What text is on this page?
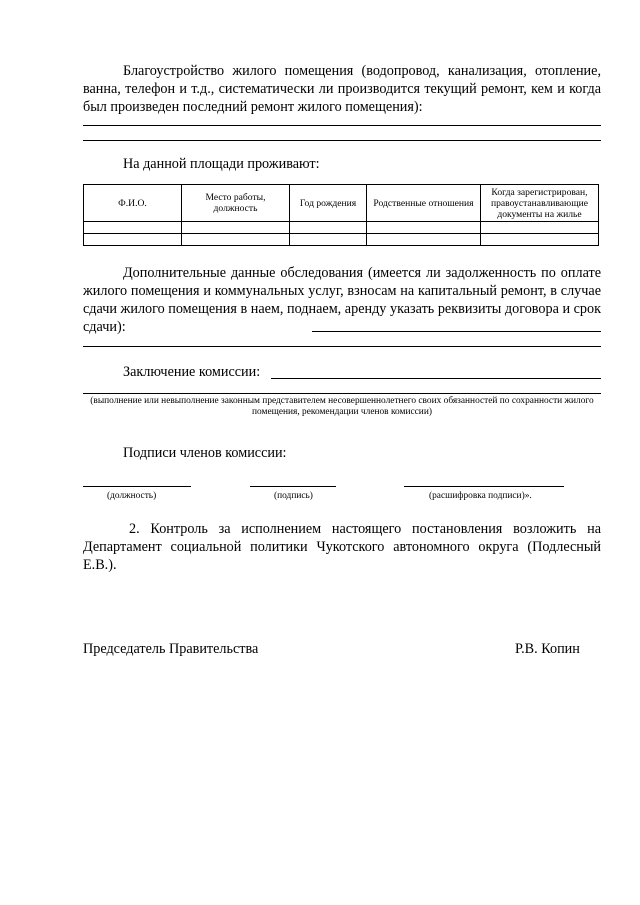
Благоустройство жилого помещения (водопровод, канализация, отопление, ванна, телефон и т.д., систематически ли производится текущий ремонт, кем и когда был произведен последний ремонт жилого помещения):
На данной площади проживают:
Ф.И.О.	Место работы, должность	Год рождения	Родственные отношения	Когда зарегистрирован, правоустанавливающие документы на жилье

Дополнительные данные обследования (имеется ли задолженность по оплате жилого помещения и коммунальных услуг, взносам на капитальный ремонт, в случае сдачи жилого помещения в наем, поднаем, аренду указать реквизиты договора и срок сдачи):
Заключение комиссии:
(выполнение или невыполнение законным представителем несовершеннолетнего своих обязанностей по сохранности жилого помещения, рекомендации членов комиссии)
Подписи членов комиссии:
(должность)	(подпись)	(расшифровка подписи)».
2. Контроль за исполнением настоящего постановления возложить на Департамент социальной политики Чукотского автономного округа (Подлесный Е.В.).
Председатель Правительства	Р.В. Копин
